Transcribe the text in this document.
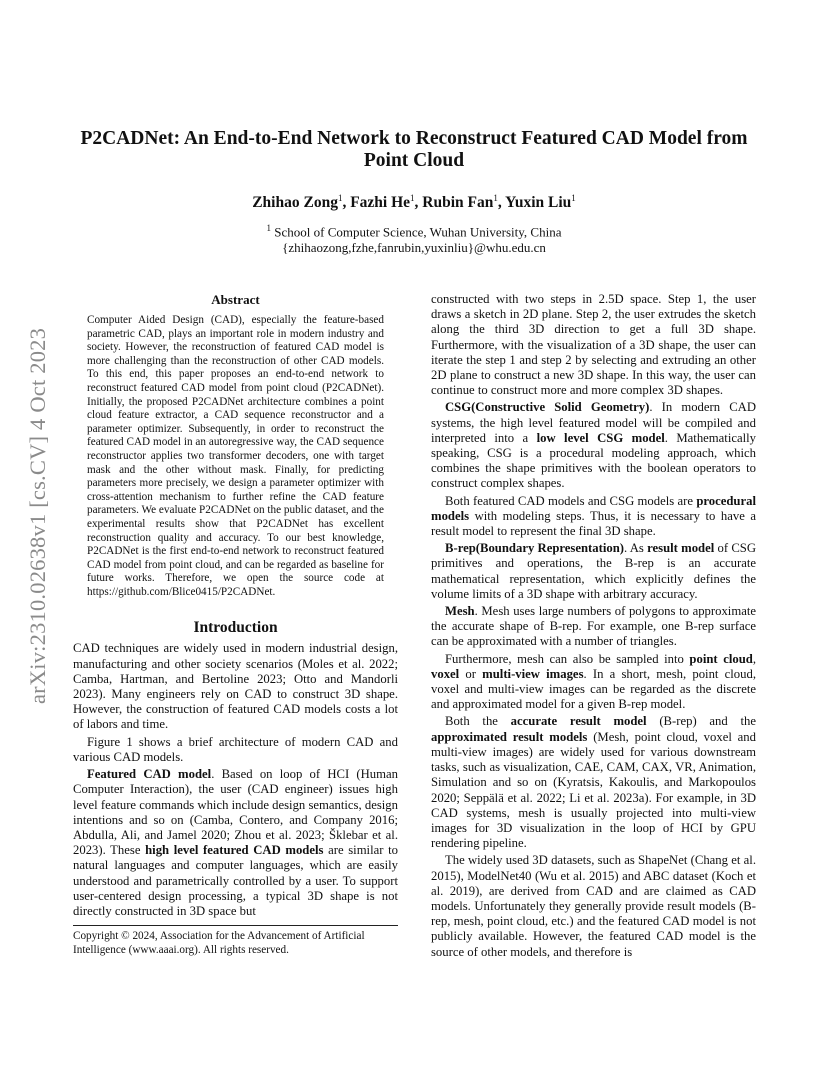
arXiv:2310.02638v1 [cs.CV] 4 Oct 2023
P2CADNet: An End-to-End Network to Reconstruct Featured CAD Model from Point Cloud
Zhihao Zong$^1$, Fazhi He$^1$, Rubin Fan$^1$, Yuxin Liu$^1$
$^1$ School of Computer Science, Wuhan University, China
{zhihaozong,fzhe,fanrubin,yuxinliu}@whu.edu.cn
Abstract

Computer Aided Design (CAD), especially the feature-based parametric CAD, plays an important role in modern industry and society. However, the reconstruction of featured CAD model is more challenging than the reconstruction of other CAD models. To this end, this paper proposes an end-to-end network to reconstruct featured CAD model from point cloud (P2CADNet). Initially, the proposed P2CADNet architecture combines a point cloud feature extractor, a CAD sequence reconstructor and a parameter optimizer. Subsequently, in order to reconstruct the featured CAD model in an autoregressive way, the CAD sequence reconstructor applies two transformer decoders, one with target mask and the other without mask. Finally, for predicting parameters more precisely, we design a parameter optimizer with cross-attention mechanism to further refine the CAD feature parameters. We evaluate P2CADNet on the public dataset, and the experimental results show that P2CADNet has excellent reconstruction quality and accuracy. To our best knowledge, P2CADNet is the first end-to-end network to reconstruct featured CAD model from point cloud, and can be regarded as baseline for future works. Therefore, we open the source code at https://github.com/Blice0415/P2CADNet.

Introduction

CAD techniques are widely used in modern industrial design, manufacturing and other society scenarios (Moles et al. 2022; Camba, Hartman, and Bertoline 2023; Otto and Mandorli 2023). Many engineers rely on CAD to construct 3D shape. However, the construction of featured CAD models costs a lot of labors and time.

Figure 1 shows a brief architecture of modern CAD and various CAD models.

Featured CAD model. Based on loop of HCI (Human Computer Interaction), the user (CAD engineer) issues high level feature commands which include design semantics, design intentions and so on (Camba, Contero, and Company 2016; Abdulla, Ali, and Jamel 2020; Zhou et al. 2023; Šklebar et al. 2023). These high level featured CAD models are similar to natural languages and computer languages, which are easily understood and parametrically controlled by a user. To support user-centered design processing, a typical 3D shape is not directly constructed in 3D space but

Copyright © 2024, Association for the Advancement of Artificial Intelligence (www.aaai.org). All rights reserved.

constructed with two steps in 2.5D space. Step 1, the user draws a sketch in 2D plane. Step 2, the user extrudes the sketch along the third 3D direction to get a full 3D shape. Furthermore, with the visualization of a 3D shape, the user can iterate the step 1 and step 2 by selecting and extruding an other 2D plane to construct a new 3D shape. In this way, the user can continue to construct more and more complex 3D shapes.

CSG(Constructive Solid Geometry). In modern CAD systems, the high level featured model will be compiled and interpreted into a low level CSG model. Mathematically speaking, CSG is a procedural modeling approach, which combines the shape primitives with the boolean operators to construct complex shapes.

Both featured CAD models and CSG models are procedural models with modeling steps. Thus, it is necessary to have a result model to represent the final 3D shape.

B-rep(Boundary Representation). As result model of CSG primitives and operations, the B-rep is an accurate mathematical representation, which explicitly defines the volume limits of a 3D shape with arbitrary accuracy.

Mesh. Mesh uses large numbers of polygons to approximate the accurate shape of B-rep. For example, one B-rep surface can be approximated with a number of triangles.

Furthermore, mesh can also be sampled into point cloud, voxel or multi-view images. In a short, mesh, point cloud, voxel and multi-view images can be regarded as the discrete and approximated model for a given B-rep model.

Both the accurate result model (B-rep) and the approximated result models (Mesh, point cloud, voxel and multi-view images) are widely used for various downstream tasks, such as visualization, CAE, CAM, CAX, VR, Animation, Simulation and so on (Kyratsis, Kakoulis, and Markopoulos 2020; Seppälä et al. 2022; Li et al. 2023a). For example, in 3D CAD systems, mesh is usually projected into multi-view images for 3D visualization in the loop of HCI by GPU rendering pipeline.

The widely used 3D datasets, such as ShapeNet (Chang et al. 2015), ModelNet40 (Wu et al. 2015) and ABC dataset (Koch et al. 2019), are derived from CAD and are claimed as CAD models. Unfortunately they generally provide result models (B-rep, mesh, point cloud, etc.) and the featured CAD model is not publicly available. However, the featured CAD model is the source of other models, and therefore is
